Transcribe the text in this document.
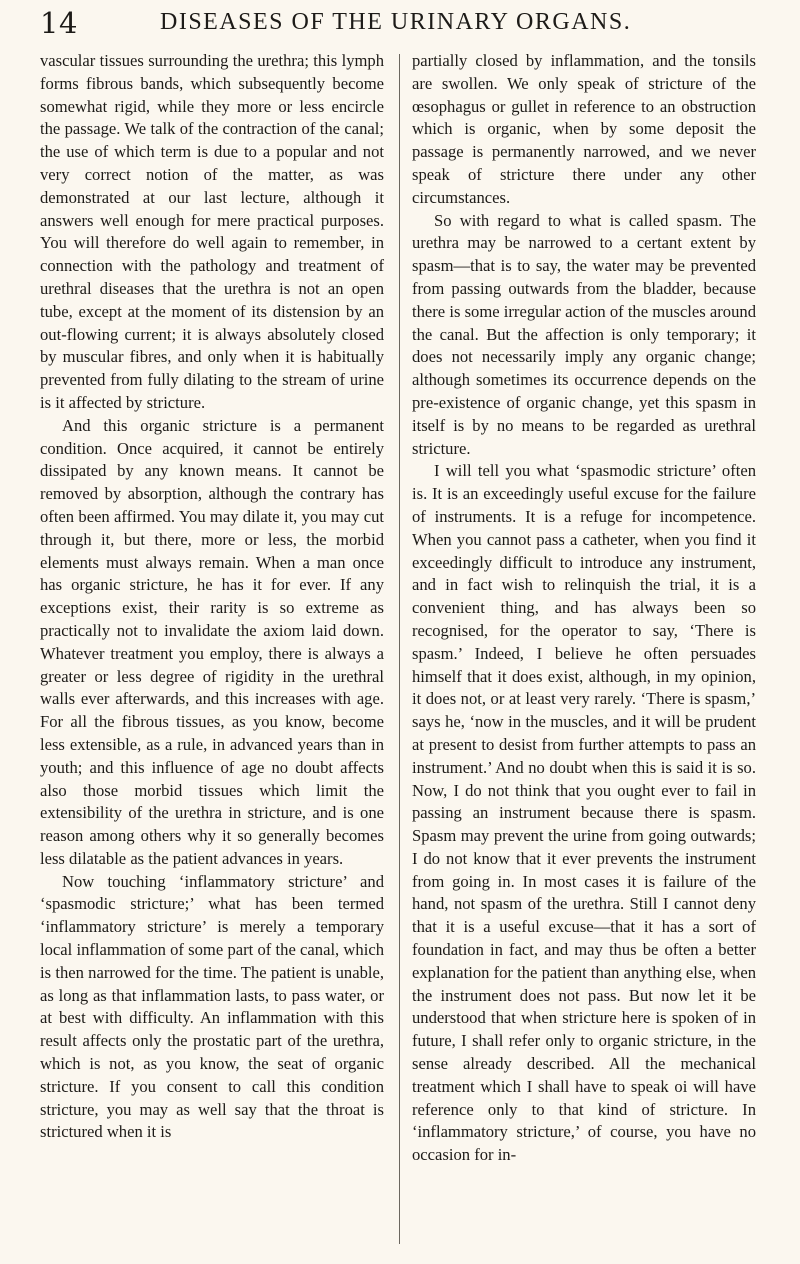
14	DISEASES OF THE URINARY ORGANS.

vascular tissues surrounding the urethra; this lymph forms fibrous bands, which subsequently become somewhat rigid, while they more or less encircle the passage. We talk of the contraction of the canal; the use of which term is due to a popular and not very correct notion of the matter, as was demonstrated at our last lecture, although it answers well enough for mere practical purposes. You will therefore do well again to remember, in connection with the pathology and treatment of urethral diseases that the urethra is not an open tube, except at the moment of its distension by an out-flowing current; it is always absolutely closed by muscular fibres, and only when it is habitually prevented from fully dilating to the stream of urine is it affected by stricture.

And this organic stricture is a permanent condition. Once acquired, it cannot be entirely dissipated by any known means. It cannot be removed by absorption, although the contrary has often been affirmed. You may dilate it, you may cut through it, but there, more or less, the morbid elements must always remain. When a man once has organic stricture, he has it for ever. If any exceptions exist, their rarity is so extreme as practically not to invalidate the axiom laid down. Whatever treatment you employ, there is always a greater or less degree of rigidity in the urethral walls ever afterwards, and this increases with age. For all the fibrous tissues, as you know, become less extensible, as a rule, in advanced years than in youth; and this influence of age no doubt affects also those morbid tissues which limit the extensibility of the urethra in stricture, and is one reason among others why it so generally becomes less dilatable as the patient advances in years.

Now touching ‘inflammatory stricture’ and ‘spasmodic stricture;’ what has been termed ‘inflammatory stricture’ is merely a temporary local inflammation of some part of the canal, which is then narrowed for the time. The patient is unable, as long as that inflammation lasts, to pass water, or at best with difficulty. An inflammation with this result affects only the prostatic part of the urethra, which is not, as you know, the seat of organic stricture. If you consent to call this condition stricture, you may as well say that the throat is strictured when it is

partially closed by inflammation, and the tonsils are swollen. We only speak of stricture of the œsophagus or gullet in reference to an obstruction which is organic, when by some deposit the passage is permanently narrowed, and we never speak of stricture there under any other circumstances.

So with regard to what is called spasm. The urethra may be narrowed to a certant extent by spasm—that is to say, the water may be prevented from passing outwards from the bladder, because there is some irregular action of the muscles around the canal. But the affection is only temporary; it does not necessarily imply any organic change; although sometimes its occurrence depends on the pre-existence of organic change, yet this spasm in itself is by no means to be regarded as urethral stricture.

I will tell you what ‘spasmodic stricture’ often is. It is an exceedingly useful excuse for the failure of instruments. It is a refuge for incompetence. When you cannot pass a catheter, when you find it exceedingly difficult to introduce any instrument, and in fact wish to relinquish the trial, it is a convenient thing, and has always been so recognised, for the operator to say, ‘There is spasm.’ Indeed, I believe he often persuades himself that it does exist, although, in my opinion, it does not, or at least very rarely. ‘There is spasm,’ says he, ‘now in the muscles, and it will be prudent at present to desist from further attempts to pass an instrument.’ And no doubt when this is said it is so. Now, I do not think that you ought ever to fail in passing an instrument because there is spasm. Spasm may prevent the urine from going outwards; I do not know that it ever prevents the instrument from going in. In most cases it is failure of the hand, not spasm of the urethra. Still I cannot deny that it is a useful excuse—that it has a sort of foundation in fact, and may thus be often a better explanation for the patient than anything else, when the instrument does not pass. But now let it be understood that when stricture here is spoken of in future, I shall refer only to organic stricture, in the sense already described. All the mechanical treatment which I shall have to speak oi will have reference only to that kind of stricture. In ‘inflammatory stricture,’ of course, you have no occasion for in-
